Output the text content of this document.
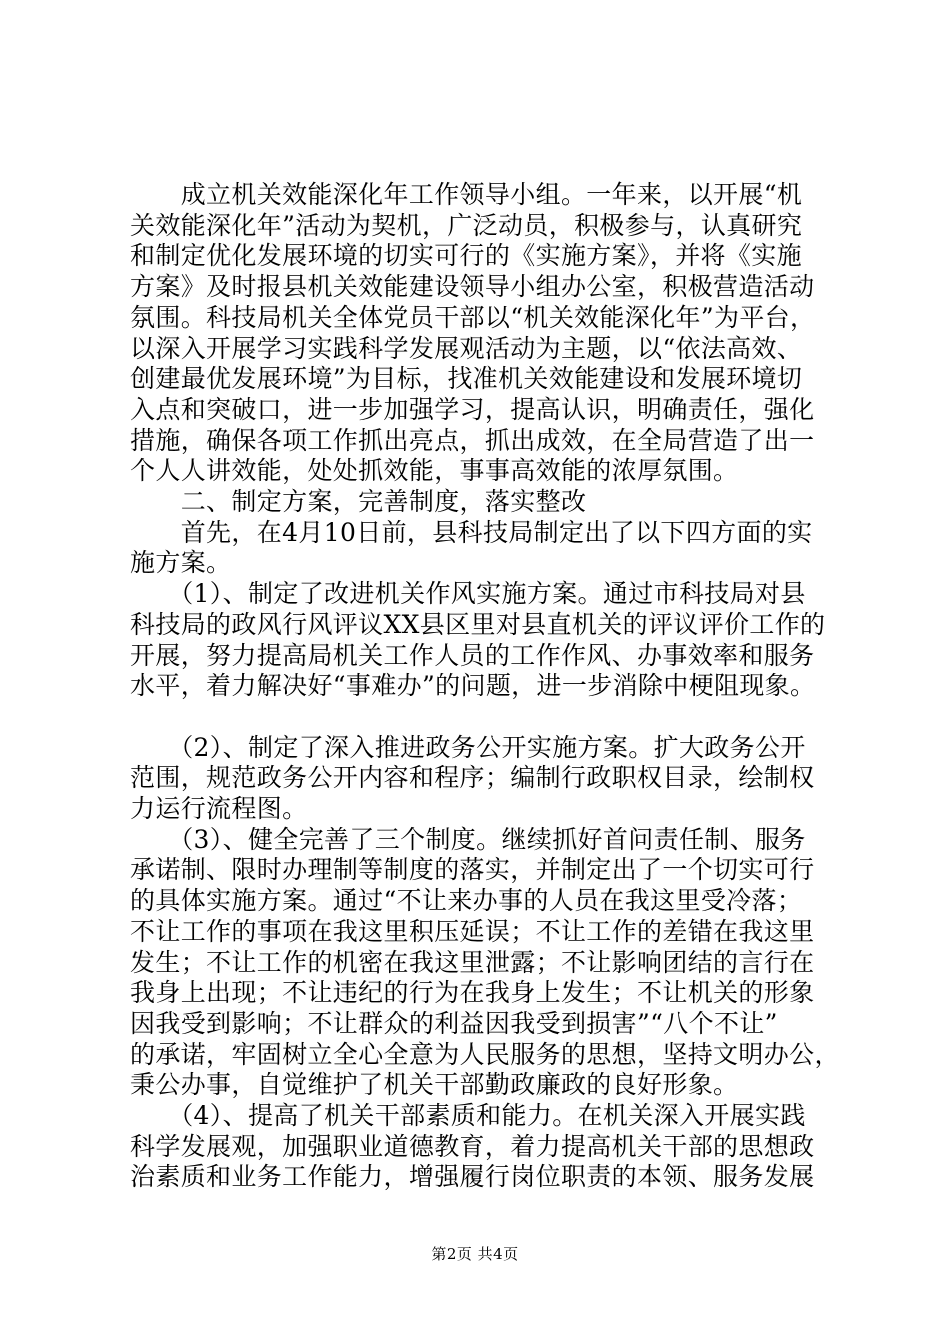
　　成立机关效能深化年工作领导小组。一年来，以开展“机
关效能深化年”活动为契机，广泛动员，积极参与，认真研究
和制定优化发展环境的切实可行的《实施方案》，并将《实施
方案》及时报县机关效能建设领导小组办公室，积极营造活动
氛围。科技局机关全体党员干部以“机关效能深化年”为平台，
以深入开展学习实践科学发展观活动为主题，以“依法高效、
创建最优发展环境”为目标，找准机关效能建设和发展环境切
入点和突破口，进一步加强学习，提高认识，明确责任，强化
措施，确保各项工作抓出亮点，抓出成效，在全局营造了出一
个人人讲效能，处处抓效能，事事高效能的浓厚氛围。
　　二、制定方案，完善制度，落实整改
　　首先，在4月10日前，县科技局制定出了以下四方面的实
施方案。
　　（1）、制定了改进机关作风实施方案。通过市科技局对县
科技局的政风行风评议XX县区里对县直机关的评议评价工作的
开展，努力提高局机关工作人员的工作作风、办事效率和服务
水平，着力解决好“事难办”的问题，进一步消除中梗阻现象。
　　（2）、制定了深入推进政务公开实施方案。扩大政务公开
范围，规范政务公开内容和程序；编制行政职权目录，绘制权
力运行流程图。
　　（3）、健全完善了三个制度。继续抓好首问责任制、服务
承诺制、限时办理制等制度的落实，并制定出了一个切实可行
的具体实施方案。通过“不让来办事的人员在我这里受冷落；
不让工作的事项在我这里积压延误；不让工作的差错在我这里
发生；不让工作的机密在我这里泄露；不让影响团结的言行在
我身上出现；不让违纪的行为在我身上发生；不让机关的形象
因我受到影响；不让群众的利益因我受到损害”“八个不让”
的承诺，牢固树立全心全意为人民服务的思想，坚持文明办公，
秉公办事，自觉维护了机关干部勤政廉政的良好形象。
　　（4）、提高了机关干部素质和能力。在机关深入开展实践
科学发展观，加强职业道德教育，着力提高机关干部的思想政
治素质和业务工作能力，增强履行岗位职责的本领、服务发展
第2页 共4页
